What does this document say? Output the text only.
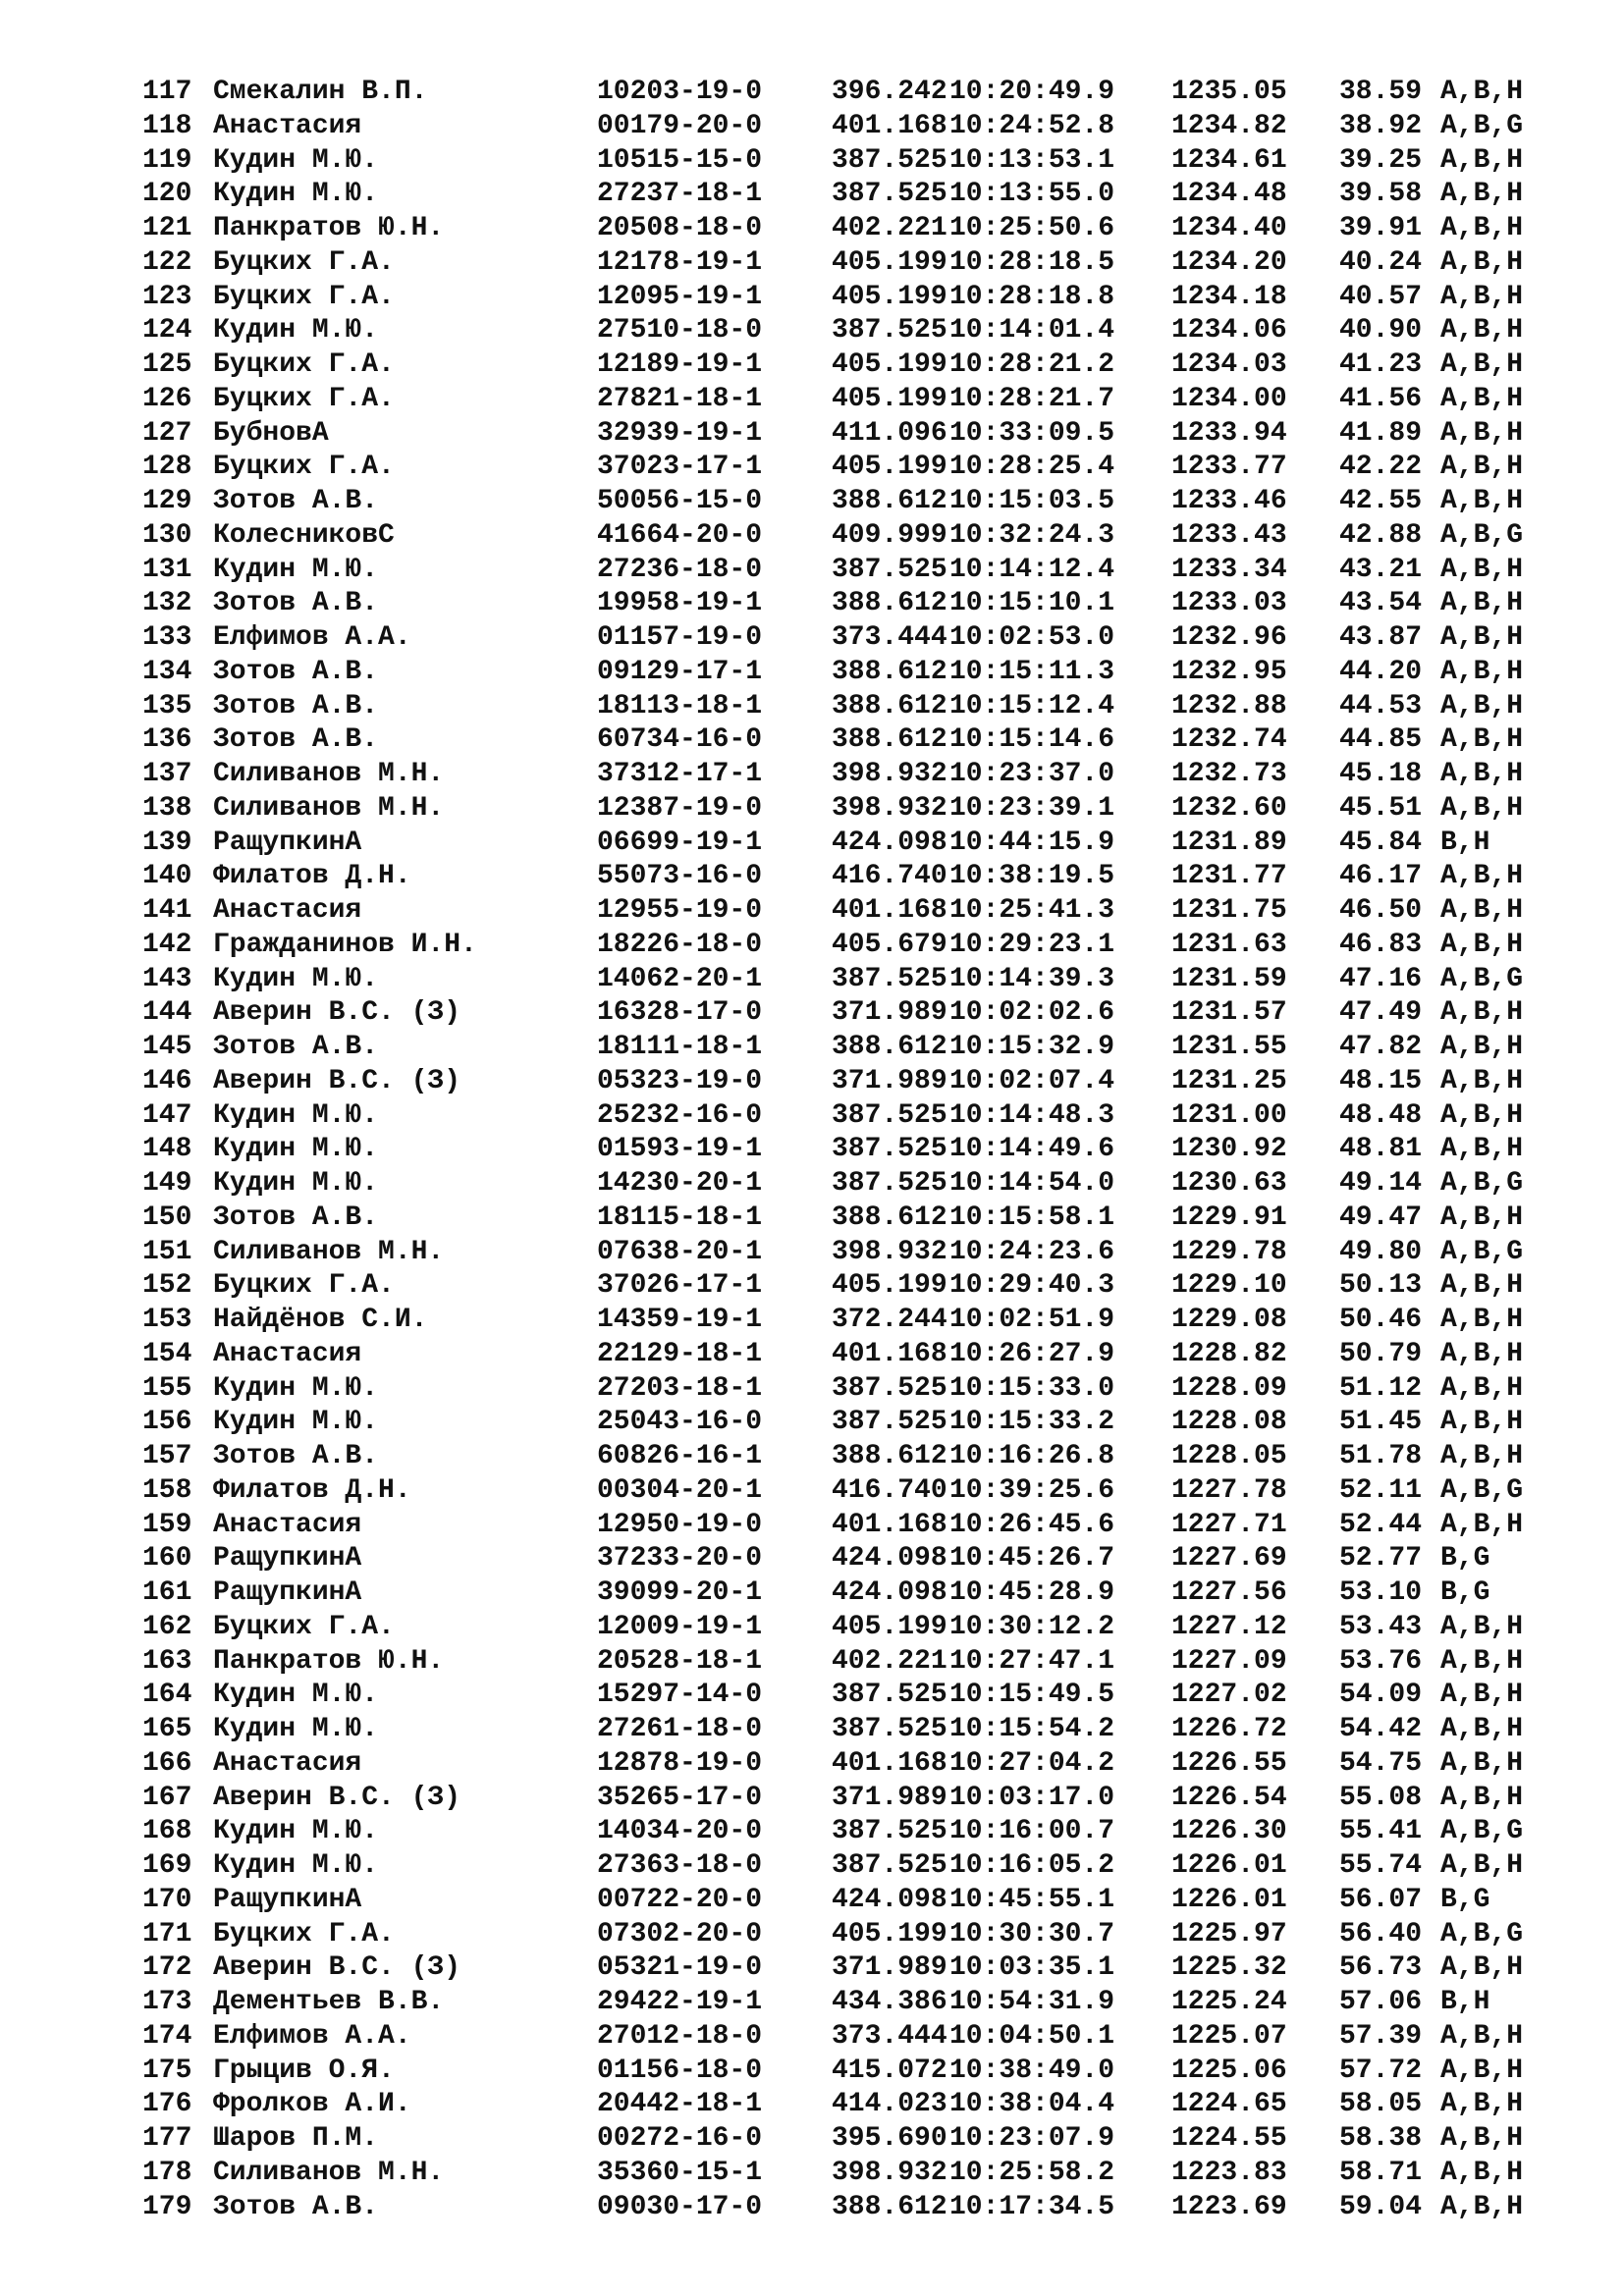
117 Смекалин В.П.	10203-19-0	396.242 10:20:49.9 1235.05 38.59 A,B,H
118 Анастасия	00179-20-0	401.168 10:24:52.8 1234.82 38.92 A,B,G
119 Кудин М.Ю.	10515-15-0	387.525 10:13:53.1 1234.61 39.25 A,B,H
120 Кудин М.Ю.	27237-18-1	387.525 10:13:55.0 1234.48 39.58 A,B,H
121 Панкратов Ю.Н.	20508-18-0	402.221 10:25:50.6 1234.40 39.91 A,B,H
122 Буцких Г.А.	12178-19-1	405.199 10:28:18.5 1234.20 40.24 A,B,H
123 Буцких Г.А.	12095-19-1	405.199 10:28:18.8 1234.18 40.57 A,B,H
124 Кудин М.Ю.	27510-18-0	387.525 10:14:01.4 1234.06 40.90 A,B,H
125 Буцких Г.А.	12189-19-1	405.199 10:28:21.2 1234.03 41.23 A,B,H
126 Буцких Г.А.	27821-18-1	405.199 10:28:21.7 1234.00 41.56 A,B,H
127 БубновА	32939-19-1	411.096 10:33:09.5 1233.94 41.89 A,B,H
128 Буцких Г.А.	37023-17-1	405.199 10:28:25.4 1233.77 42.22 A,B,H
129 Зотов А.В.	50056-15-0	388.612 10:15:03.5 1233.46 42.55 A,B,H
130 КолесниковС	41664-20-0	409.999 10:32:24.3 1233.43 42.88 A,B,G
131 Кудин М.Ю.	27236-18-0	387.525 10:14:12.4 1233.34 43.21 A,B,H
132 Зотов А.В.	19958-19-1	388.612 10:15:10.1 1233.03 43.54 A,B,H
133 Елфимов А.А.	01157-19-0	373.444 10:02:53.0 1232.96 43.87 A,B,H
134 Зотов А.В.	09129-17-1	388.612 10:15:11.3 1232.95 44.20 A,B,H
135 Зотов А.В.	18113-18-1	388.612 10:15:12.4 1232.88 44.53 A,B,H
136 Зотов А.В.	60734-16-0	388.612 10:15:14.6 1232.74 44.85 A,B,H
137 Силиванов М.Н.	37312-17-1	398.932 10:23:37.0 1232.73 45.18 A,B,H
138 Силиванов М.Н.	12387-19-0	398.932 10:23:39.1 1232.60 45.51 A,B,H
139 РащупкинА	06699-19-1	424.098 10:44:15.9 1231.89 45.84 B,H
140 Филатов Д.Н.	55073-16-0	416.740 10:38:19.5 1231.77 46.17 A,B,H
141 Анастасия	12955-19-0	401.168 10:25:41.3 1231.75 46.50 A,B,H
142 Гражданинов И.Н.	18226-18-0	405.679 10:29:23.1 1231.63 46.83 A,B,H
143 Кудин М.Ю.	14062-20-1	387.525 10:14:39.3 1231.59 47.16 A,B,G
144 Аверин В.С. (З)	16328-17-0	371.989 10:02:02.6 1231.57 47.49 A,B,H
145 Зотов А.В.	18111-18-1	388.612 10:15:32.9 1231.55 47.82 A,B,H
146 Аверин В.С. (З)	05323-19-0	371.989 10:02:07.4 1231.25 48.15 A,B,H
147 Кудин М.Ю.	25232-16-0	387.525 10:14:48.3 1231.00 48.48 A,B,H
148 Кудин М.Ю.	01593-19-1	387.525 10:14:49.6 1230.92 48.81 A,B,H
149 Кудин М.Ю.	14230-20-1	387.525 10:14:54.0 1230.63 49.14 A,B,G
150 Зотов А.В.	18115-18-1	388.612 10:15:58.1 1229.91 49.47 A,B,H
151 Силиванов М.Н.	07638-20-1	398.932 10:24:23.6 1229.78 49.80 A,B,G
152 Буцких Г.А.	37026-17-1	405.199 10:29:40.3 1229.10 50.13 A,B,H
153 Найдёнов С.И.	14359-19-1	372.244 10:02:51.9 1229.08 50.46 A,B,H
154 Анастасия	22129-18-1	401.168 10:26:27.9 1228.82 50.79 A,B,H
155 Кудин М.Ю.	27203-18-1	387.525 10:15:33.0 1228.09 51.12 A,B,H
156 Кудин М.Ю.	25043-16-0	387.525 10:15:33.2 1228.08 51.45 A,B,H
157 Зотов А.В.	60826-16-1	388.612 10:16:26.8 1228.05 51.78 A,B,H
158 Филатов Д.Н.	00304-20-1	416.740 10:39:25.6 1227.78 52.11 A,B,G
159 Анастасия	12950-19-0	401.168 10:26:45.6 1227.71 52.44 A,B,H
160 РащупкинА	37233-20-0	424.098 10:45:26.7 1227.69 52.77 B,G
161 РащупкинА	39099-20-1	424.098 10:45:28.9 1227.56 53.10 B,G
162 Буцких Г.А.	12009-19-1	405.199 10:30:12.2 1227.12 53.43 A,B,H
163 Панкратов Ю.Н.	20528-18-1	402.221 10:27:47.1 1227.09 53.76 A,B,H
164 Кудин М.Ю.	15297-14-0	387.525 10:15:49.5 1227.02 54.09 A,B,H
165 Кудин М.Ю.	27261-18-0	387.525 10:15:54.2 1226.72 54.42 A,B,H
166 Анастасия	12878-19-0	401.168 10:27:04.2 1226.55 54.75 A,B,H
167 Аверин В.С. (З)	35265-17-0	371.989 10:03:17.0 1226.54 55.08 A,B,H
168 Кудин М.Ю.	14034-20-0	387.525 10:16:00.7 1226.30 55.41 A,B,G
169 Кудин М.Ю.	27363-18-0	387.525 10:16:05.2 1226.01 55.74 A,B,H
170 РащупкинА	00722-20-0	424.098 10:45:55.1 1226.01 56.07 B,G
171 Буцких Г.А.	07302-20-0	405.199 10:30:30.7 1225.97 56.40 A,B,G
172 Аверин В.С. (З)	05321-19-0	371.989 10:03:35.1 1225.32 56.73 A,B,H
173 Дементьев В.В.	29422-19-1	434.386 10:54:31.9 1225.24 57.06 B,H
174 Елфимов А.А.	27012-18-0	373.444 10:04:50.1 1225.07 57.39 A,B,H
175 Грыцив О.Я.	01156-18-0	415.072 10:38:49.0 1225.06 57.72 A,B,H
176 Фролков А.И.	20442-18-1	414.023 10:38:04.4 1224.65 58.05 A,B,H
177 Шаров П.М.	00272-16-0	395.690 10:23:07.9 1224.55 58.38 A,B,H
178 Силиванов М.Н.	35360-15-1	398.932 10:25:58.2 1223.83 58.71 A,B,H
179 Зотов А.В.	09030-17-0	388.612 10:17:34.5 1223.69 59.04 A,B,H
